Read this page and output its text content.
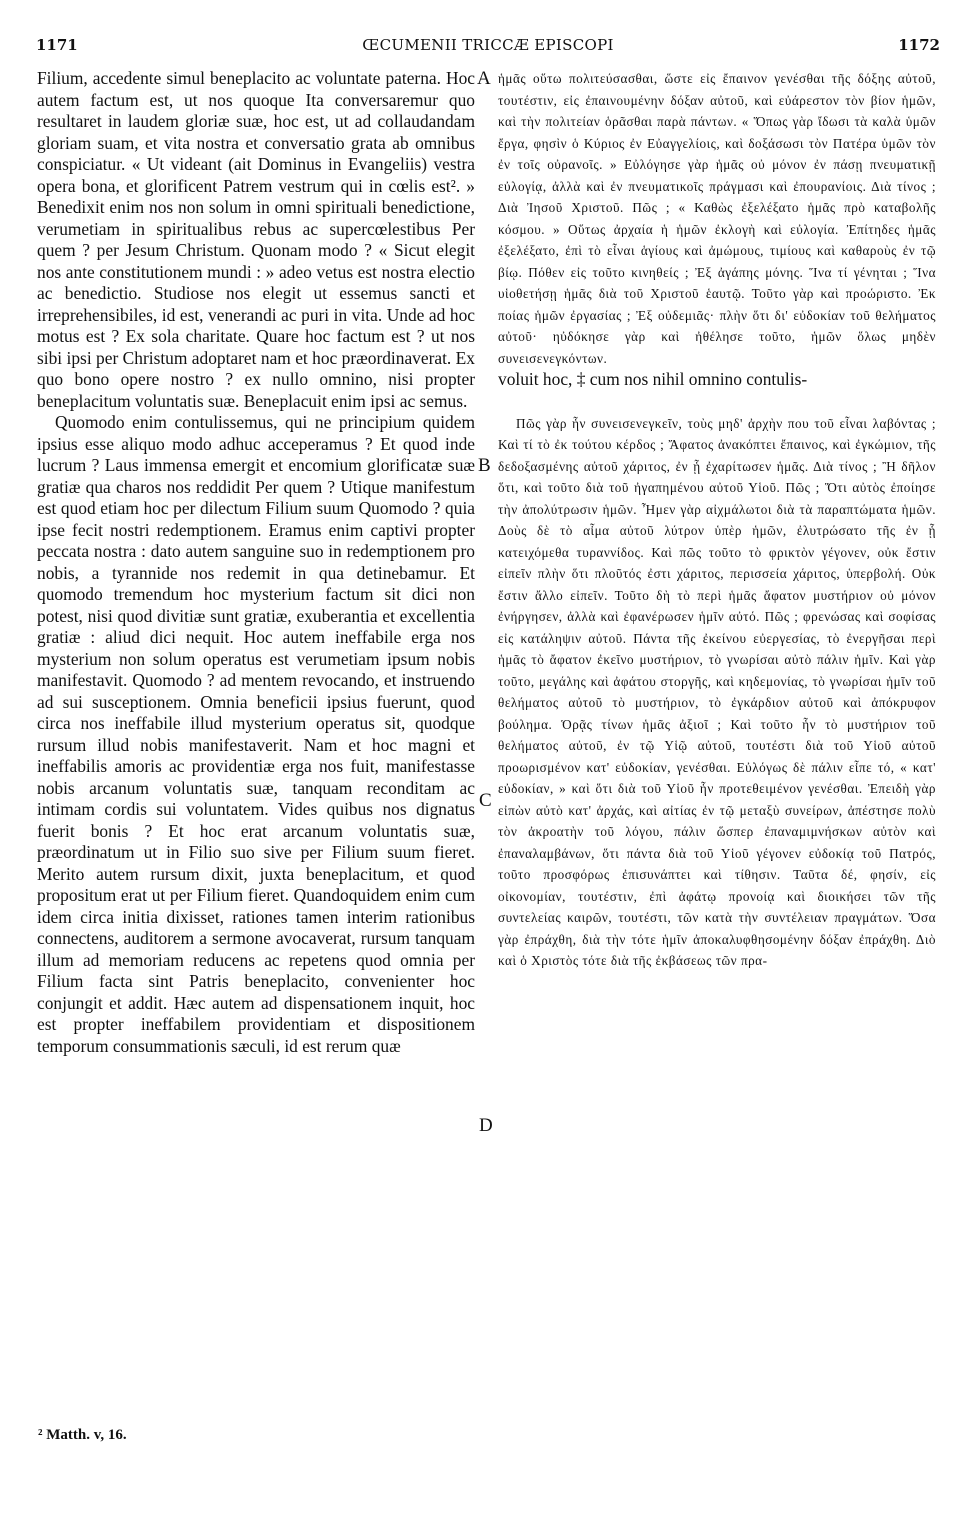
1171	ŒCUMENII TRICCÆ EPISCOPI	1172

Filium, accedente simul beneplacito ac voluntate paterna. Hoc autem factum est, ut nos quoque Ita conversaremur quo resultaret in laudem gloriæ suæ, hoc est, ut ad collaudandam gloriam suam, et vita nostra et conversatio grata ab omnibus conspiciatur. « Ut videant (ait Dominus in Evangeliis) vestra opera bona, et glorificent Patrem vestrum qui in cœlis est². » Benedixit enim nos non solum in omni spirituali benedictione, verumetiam in spiritualibus rebus ac supercœlestibus Per quem ? per Jesum Christum. Quonam modo ? « Sicut elegit nos ante constitutionem mundi : » adeo vetus est nostra electio ac benedictio. Studiose nos elegit ut essemus sancti et irreprehensibiles, id est, venerandi ac puri in vita. Unde ad hoc motus est ? Ex sola charitate. Quare hoc factum est ? ut nos sibi ipsi per Christum adoptaret nam et hoc præordinaverat. Ex quo bono opere nostro ? ex nullo omnino, nisi propter beneplacitum voluntatis suæ. Beneplacuit enim ipsi ac semus.

Quomodo enim contulissemus, qui ne principium quidem ipsius esse aliquo modo adhuc acceperamus ? Et quod inde lucrum ? Laus immensa emergit et encomium glorificatæ suæ gratiæ qua charos nos reddidit Per quem ? Utique manifestum est quod etiam hoc per dilectum Filium suum Quomodo ? quia ipse fecit nostri redemptionem. Eramus enim captivi propter peccata nostra : dato autem sanguine suo in redemptionem pro nobis, a tyrannide nos redemit in qua detinebamur. Et quomodo tremendum hoc mysterium factum sit dici non potest, nisi quod divitiæ sunt gratiæ, exuberantia et excellentia gratiæ : aliud dici nequit. Hoc autem ineffabile erga nos mysterium non solum operatus est verumetiam ipsum nobis manifestavit. Quomodo ? ad mentem revocando, et instruendo ad sui susceptionem. Omnia beneficii ipsius fuerunt, quod circa nos ineffabile illud mysterium operatus sit, quodque rursum illud nobis manifestaverit. Nam et hoc magni et ineffabilis amoris ac providentiæ erga nos fuit, manifestasse nobis arcanum voluntatis suæ, tanquam reconditam ac intimam cordis sui voluntatem. Vides quibus nos dignatus fuerit bonis ? Et hoc erat arcanum voluntatis suæ, præordinatum ut in Filio suo sive per Filium suum fieret. Merito autem rursum dixit, juxta beneplacitum, et quod propositum erat ut per Filium fieret. Quandoquidem enim cum idem circa initia dixisset, rationes tamen interim rationibus connectens, auditorem a sermone avocaverat, rursum tanquam illum ad memoriam reducens ac repetens quod omnia per Filium facta sint Patris beneplacito, convenienter hoc conjungit et addit. Hæc autem ad dispensationem inquit, hoc est propter ineffabilem providentiam et dispositionem temporum consummationis sæculi, id est rerum quæ

ἡμᾶς οὕτω πολιτεύσασθαι, ὥστε εἰς ἔπαινον γενέσθαι τῆς δόξης αὐτοῦ, τουτέστιν, εἰς ἐπαινουμένην δόξαν αὐτοῦ, καὶ εὐάρεστον τὸν βίον ἡμῶν, καὶ τὴν πολιτείαν ὁρᾶσθαι παρὰ πάντων. « Ὅπως γὰρ ἴδωσι τὰ καλὰ ὑμῶν ἔργα, φησὶν ὁ Κύριος ἐν Εὐαγγελίοις, καὶ δοξάσωσι τὸν Πατέρα ὑμῶν τὸν ἐν τοῖς οὐρανοῖς. » Εὐλόγησε γὰρ ἡμᾶς οὐ μόνον ἐν πάσῃ πνευματικῇ εὐλογίᾳ, ἀλλὰ καὶ ἐν πνευματικοῖς πράγμασι καὶ ἐπουρανίοις. Διὰ τίνος ; Διὰ Ἰησοῦ Χριστοῦ. Πῶς ; « Καθὼς ἐξελέξατο ἡμᾶς πρὸ καταβολῆς κόσμου. » Οὕτως ἀρχαία ἡ ἡμῶν ἐκλογὴ καὶ εὐλογία. Ἐπίτηδες ἡμᾶς ἐξελέξατο, ἐπὶ τὸ εἶναι ἁγίους καὶ ἀμώμους, τιμίους καὶ καθαροὺς ἐν τῷ βίῳ. Πόθεν εἰς τοῦτο κινηθείς ; Ἐξ ἀγάπης μόνης. Ἵνα τί γένηται ; Ἵνα υἱοθετήσῃ ἡμᾶς διὰ τοῦ Χριστοῦ ἑαυτῷ. Τοῦτο γὰρ καὶ προώριστο. Ἐκ ποίας ἡμῶν ἐργασίας ; Ἐξ οὐδεμιᾶς· πλὴν ὅτι δι' εὐδοκίαν τοῦ θελήματος αὐτοῦ· ηὐδόκησε γὰρ καὶ ἠθέλησε τοῦτο, ἡμῶν ὅλως μηδὲν συνεισενεγκόντων.

voluit hoc, ‡ cum nos nihil omnino contulis-

Πῶς γὰρ ἦν συνεισενεγκεῖν, τοὺς μηδ' ἀρχὴν που τοῦ εἶναι λαβόντας ; Καὶ τί τὸ ἐκ τούτου κέρδος ; Ἄφατος ἀνακόπτει ἔπαινος, καὶ ἐγκώμιον, τῆς δεδοξασμένης αὐτοῦ χάριτος, ἐν ᾗ ἐχαρίτωσεν ἡμᾶς. Διὰ τίνος ; Ἢ δῆλον ὅτι, καὶ τοῦτο διὰ τοῦ ἠγαπημένου αὐτοῦ Υἱοῦ. Πῶς ; Ὅτι αὐτὸς ἐποίησε τὴν ἀπολύτρωσιν ἡμῶν. Ἦμεν γὰρ αἰχμάλωτοι διὰ τὰ παραπτώματα ἡμῶν. Δοὺς δὲ τὸ αἷμα αὐτοῦ λύτρον ὑπὲρ ἡμῶν, ἐλυτρώσατο τῆς ἐν ᾗ κατειχόμεθα τυραννίδος. Καὶ πῶς τοῦτο τὸ φρικτὸν γέγονεν, οὐκ ἔστιν εἰπεῖν πλὴν ὅτι πλοῦτός ἐστι χάριτος, περισσεία χάριτος, ὑπερβολή. Οὐκ ἔστιν ἄλλο εἰπεῖν. Τοῦτο δὴ τὸ περὶ ἡμᾶς ἄφατον μυστήριον οὐ μόνον ἐνήργησεν, ἀλλὰ καὶ ἐφανέρωσεν ἡμῖν αὐτό. Πῶς ; φρενώσας καὶ σοφίσας εἰς κατάληψιν αὐτοῦ. Πάντα τῆς ἐκείνου εὐεργεσίας, τὸ ἐνεργῆσαι περὶ ἡμᾶς τὸ ἄφατον ἐκεῖνο μυστήριον, τὸ γνωρίσαι αὐτὸ πάλιν ἡμῖν. Καὶ γὰρ τοῦτο, μεγάλης καὶ ἀφάτου στοργῆς, καὶ κηδεμονίας, τὸ γνωρίσαι ἡμῖν τοῦ θελήματος αὐτοῦ τὸ μυστήριον, τὸ ἐγκάρδιον αὐτοῦ καὶ ἀπόκρυφον βούλημα. Ὁρᾷς τίνων ἡμᾶς ἀξιοῖ ; Καὶ τοῦτο ἦν τὸ μυστήριον τοῦ θελήματος αὐτοῦ, ἐν τῷ Υἱῷ αὐτοῦ, τουτέστι διὰ τοῦ Υἱοῦ αὐτοῦ προωρισμένον κατ' εὐδοκίαν, γενέσθαι. Εὐλόγως δὲ πάλιν εἶπε τό, « κατ' εὐδοκίαν, » καὶ ὅτι διὰ τοῦ Υἱοῦ ἦν προτεθειμένον γενέσθαι. Ἐπειδὴ γὰρ εἰπὼν αὐτὸ κατ' ἀρχάς, καὶ αἰτίας ἐν τῷ μεταξὺ συνείρων, ἀπέστησε πολὺ τὸν ἀκροατὴν τοῦ λόγου, πάλιν ὥσπερ ἐπαναμιμνήσκων αὐτὸν καὶ ἐπαναλαμβάνων, ὅτι πάντα διὰ τοῦ Υἱοῦ γέγονεν εὐδοκίᾳ τοῦ Πατρός, τοῦτο προσφόρως ἐπισυνάπτει καὶ τίθησιν. Ταῦτα δέ, φησίν, εἰς οἰκονομίαν, τουτέστιν, ἐπὶ ἀφάτῳ προνοίᾳ καὶ διοικήσει τῶν τῆς συντελείας καιρῶν, τουτέστι, τῶν κατὰ τὴν συντέλειαν πραγμάτων. Ὅσα γὰρ ἐπράχθη, διὰ τὴν τότε ἡμῖν ἀποκαλυφθησομένην δόξαν ἐπράχθη. Διὸ καὶ ὁ Χριστὸς τότε διὰ τῆς ἐκβάσεως τῶν πρα-

A
B
C
D
² Matth. v, 16.
